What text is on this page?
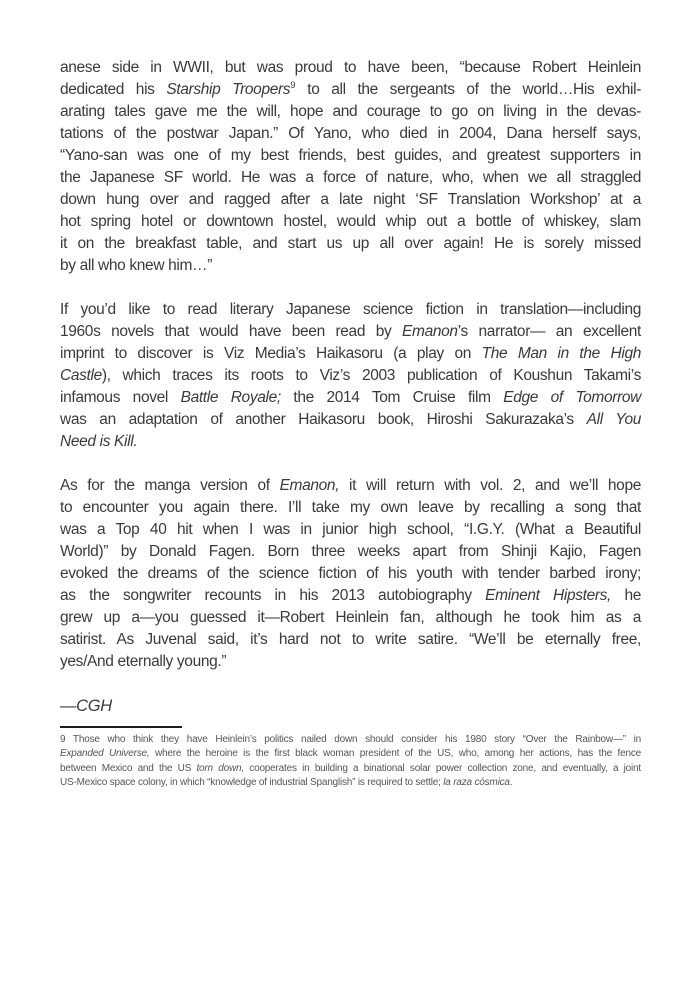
anese side in WWII, but was proud to have been, “because Robert Heinlein
dedicated his Starship Troopers$^9$ to all the sergeants of the world…His exhil-
arating tales gave me the will, hope and courage to go on living in the devas-
tations of the postwar Japan.” Of Yano, who died in 2004, Dana herself says,
“Yano-san was one of my best friends, best guides, and greatest supporters in
the Japanese SF world. He was a force of nature, who, when we all straggled
down hung over and ragged after a late night ‘SF Translation Workshop’ at a
hot spring hotel or downtown hostel, would whip out a bottle of whiskey, slam
it on the breakfast table, and start us up all over again! He is sorely missed
by all who knew him…”
If you’d like to read literary Japanese science fiction in translation—including
1960s novels that would have been read by Emanon’s narrator— an excellent
imprint to discover is Viz Media’s Haikasoru (a play on The Man in the High
Castle), which traces its roots to Viz’s 2003 publication of Koushun Takami’s
infamous novel Battle Royale; the 2014 Tom Cruise film Edge of Tomorrow
was an adaptation of another Haikasoru book, Hiroshi Sakurazaka’s All You
Need is Kill.
As for the manga version of Emanon, it will return with vol. 2, and we’ll hope
to encounter you again there. I’ll take my own leave by recalling a song that
was a Top 40 hit when I was in junior high school, “I.G.Y. (What a Beautiful
World)” by Donald Fagen. Born three weeks apart from Shinji Kajio, Fagen
evoked the dreams of the science fiction of his youth with tender barbed irony;
as the songwriter recounts in his 2013 autobiography Eminent Hipsters, he
grew up a—you guessed it—Robert Heinlein fan, although he took him as a
satirist. As Juvenal said, it’s hard not to write satire. “We’ll be eternally free,
yes/And eternally young.”
—CGH
9 Those who think they have Heinlein’s politics nailed down should consider his 1980 story “Over the Rainbow—” in
Expanded Universe, where the heroine is the first black woman president of the US, who, among her actions, has the fence
between Mexico and the US torn down, cooperates in building a binational solar power collection zone, and eventually, a joint
US-Mexico space colony, in which “knowledge of industrial Spanglish” is required to settle; la raza cósmica.
